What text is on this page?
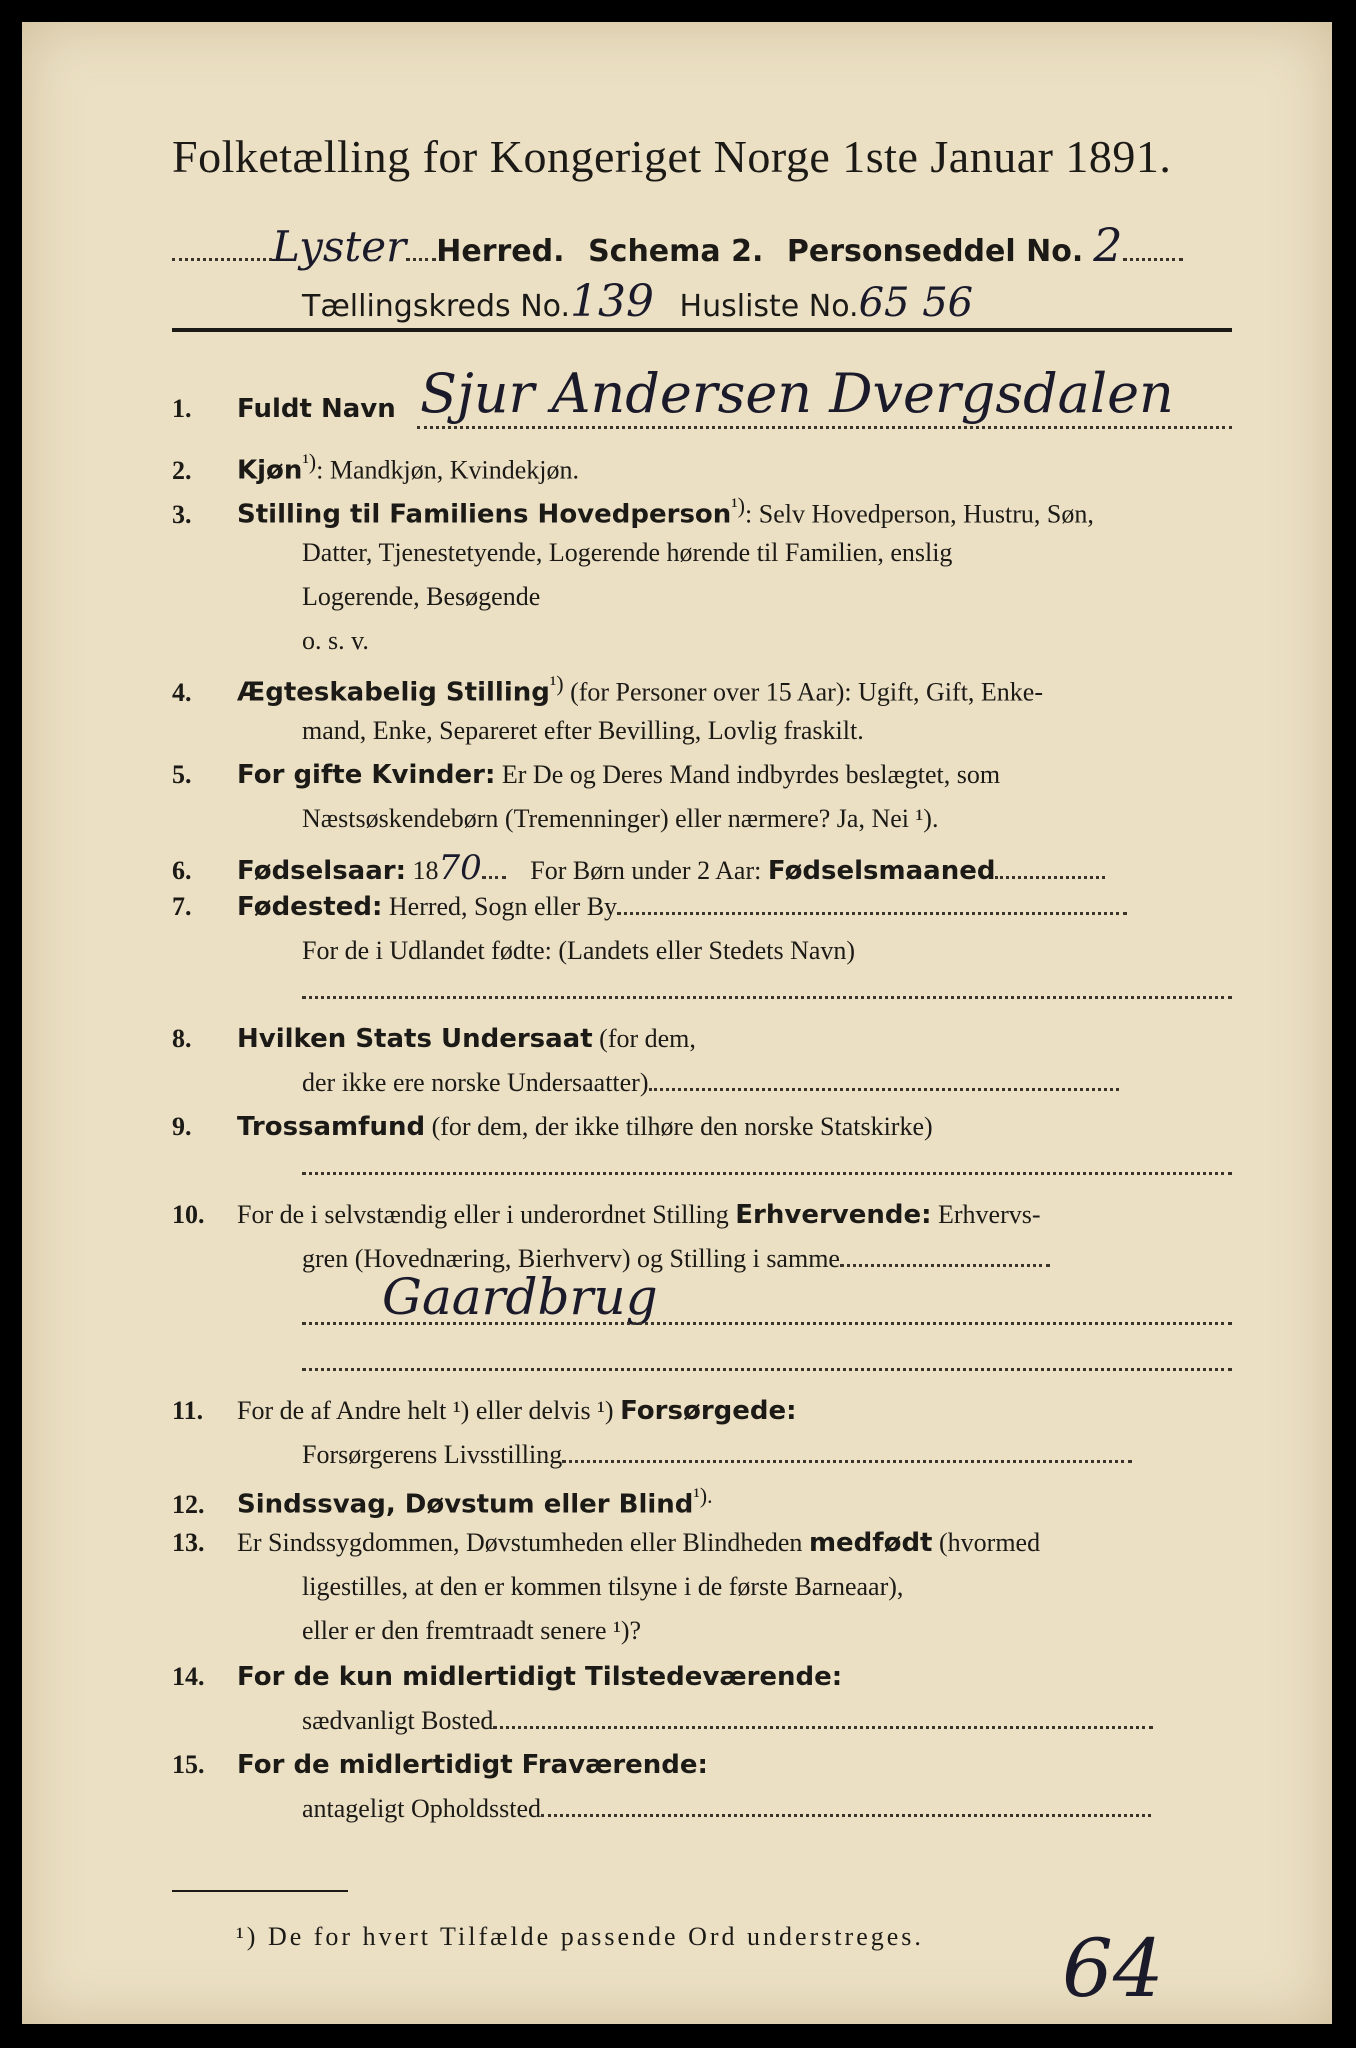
Folketælling for Kongeriget Norge 1ste Januar 1891.
Lyster Herred. Schema 2. Personseddel No. 2
Tællingskreds No.139 Husliste No.65 56
1. Fuldt Navn Sjur Andersen Dvergsdalen
2. Kjøn$^{^1)}$: Mandkjøn, Kvindekjøn.
3. Stilling til Familiens Hovedperson$^{^1)}$: Selv Hovedperson, Hustru, Søn,
Datter, Tjenestetyende, Logerende hørende til Familien, enslig
Logerende, Besøgende
o. s. v.
4. Ægteskabelig Stilling$^{^1)}$ (for Personer over 15 Aar): Ugift, Gift, Enke-
mand, Enke, Separeret efter Bevilling, Lovlig fraskilt.
5. For gifte Kvinder: Er De og Deres Mand indbyrdes beslægtet, som
Næstsøskendebørn (Tremenninger) eller nærmere? Ja, Nei ¹).
6. Fødselsaar: 1870 For Børn under 2 Aar: Fødselsmaaned
7. Fødested: Herred, Sogn eller By
For de i Udlandet fødte: (Landets eller Stedets Navn)
8. Hvilken Stats Undersaat (for dem,
der ikke ere norske Undersaatter)
9. Trossamfund (for dem, der ikke tilhøre den norske Statskirke)
10. For de i selvstændig eller i underordnet Stilling Erhvervende: Erhvervs-
gren (Hovednæring, Bierhverv) og Stilling i samme
Gaardbrug
11. For de af Andre helt ¹) eller delvis ¹) Forsørgede:
Forsørgerens Livsstilling
12. Sindssvag, Døvstum eller Blind$^{^1).}$
13. Er Sindssygdommen, Døvstumheden eller Blindheden medfødt (hvormed
ligestilles, at den er kommen tilsyne i de første Barneaar),
eller er den fremtraadt senere ¹)?
14. For de kun midlertidigt Tilstedeværende:
sædvanligt Bosted
15. For de midlertidigt Fraværende:
antageligt Opholdssted
¹) De for hvert Tilfælde passende Ord understreges. 64
